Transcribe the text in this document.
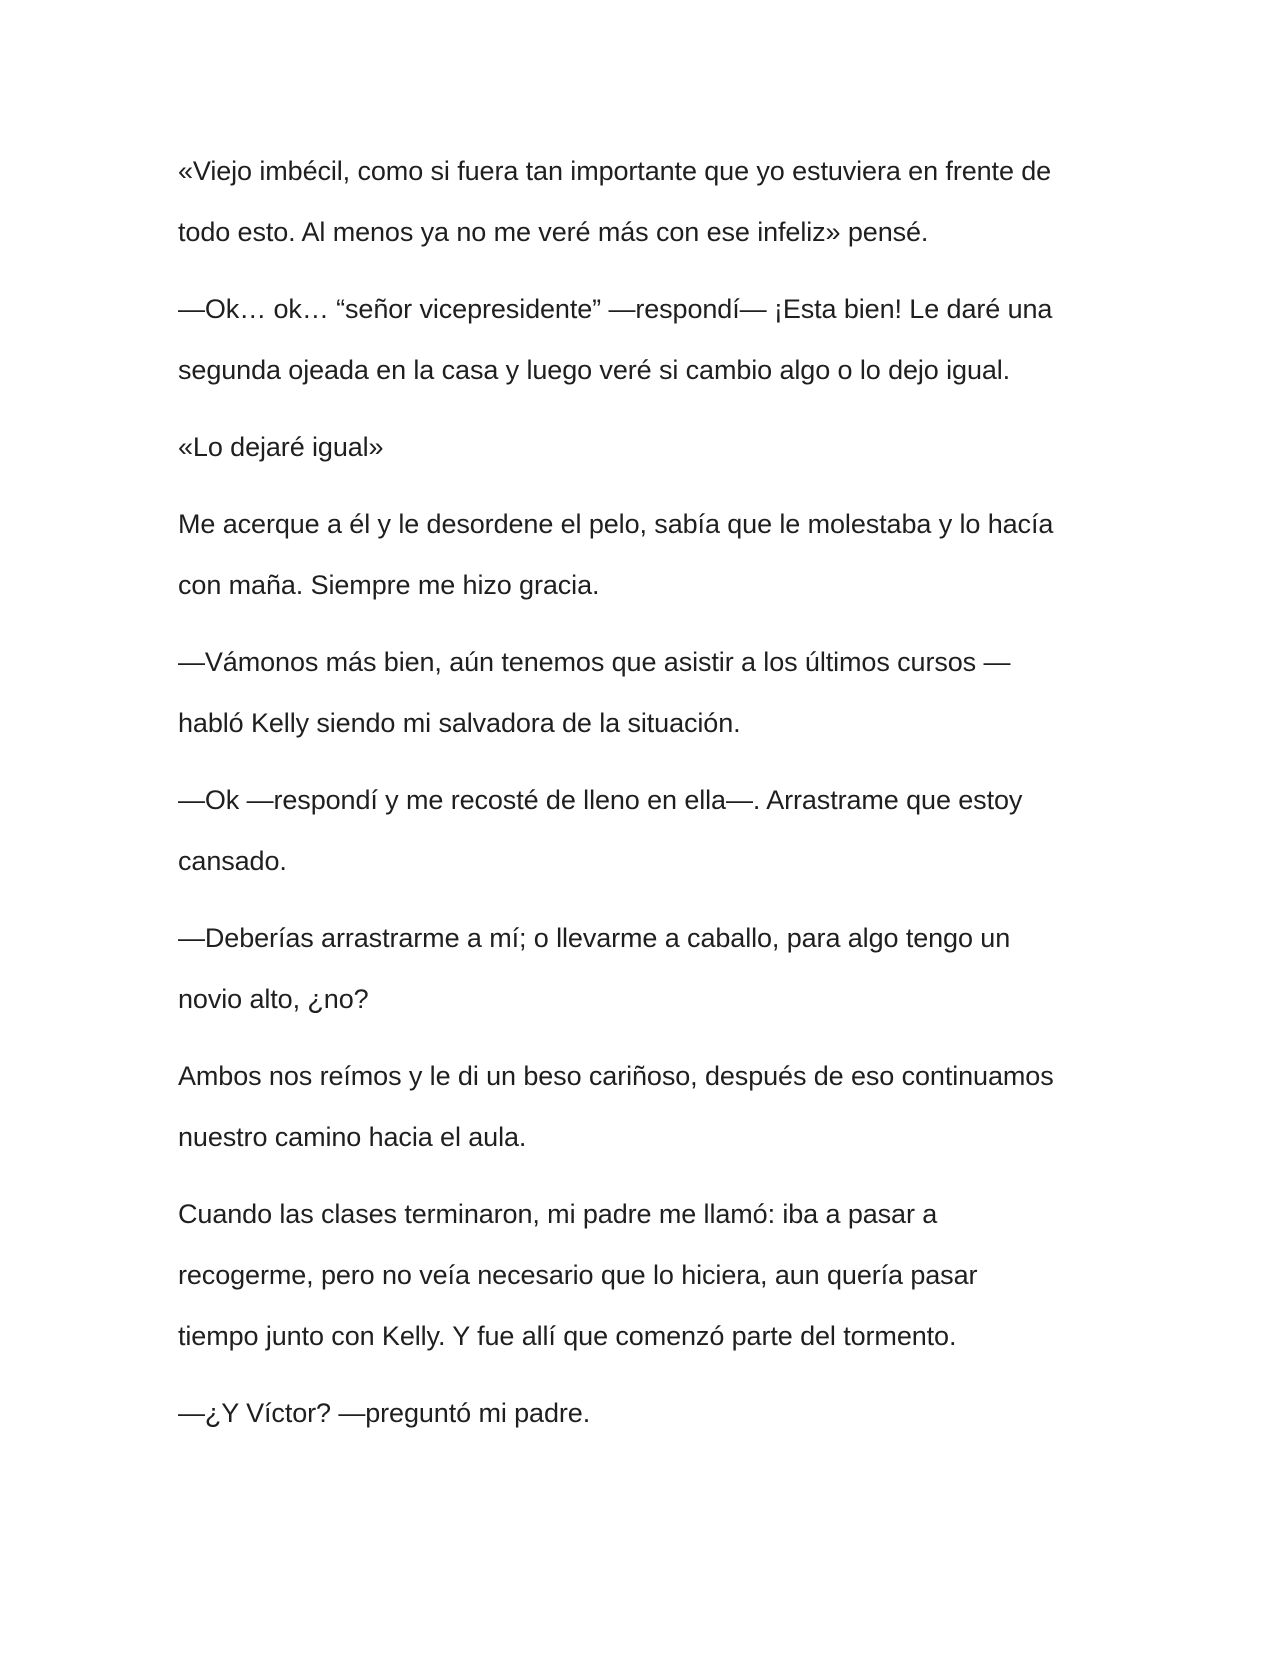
«Viejo imbécil, como si fuera tan importante que yo estuviera en frente de
todo esto. Al menos ya no me veré más con ese infeliz» pensé.

—Ok… ok… “señor vicepresidente” —respondí— ¡Esta bien! Le daré una
segunda ojeada en la casa y luego veré si cambio algo o lo dejo igual.

«Lo dejaré igual»

Me acerque a él y le desordene el pelo, sabía que le molestaba y lo hacía
con maña. Siempre me hizo gracia.

—Vámonos más bien, aún tenemos que asistir a los últimos cursos —
habló Kelly siendo mi salvadora de la situación.

—Ok —respondí y me recosté de lleno en ella—. Arrastrame que estoy
cansado.

—Deberías arrastrarme a mí; o llevarme a caballo, para algo tengo un
novio alto, ¿no?

Ambos nos reímos y le di un beso cariñoso, después de eso continuamos
nuestro camino hacia el aula.

Cuando las clases terminaron, mi padre me llamó: iba a pasar a
recogerme, pero no veía necesario que lo hiciera, aun quería pasar
tiempo junto con Kelly. Y fue allí que comenzó parte del tormento.

—¿Y Víctor? —preguntó mi padre.
